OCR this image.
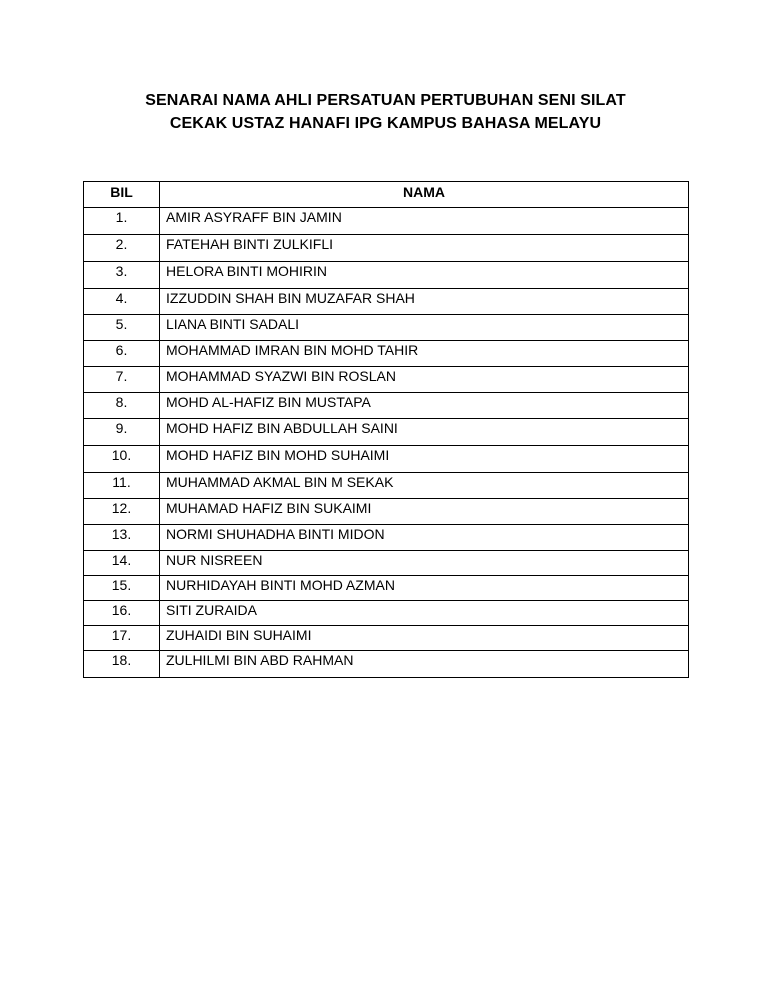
SENARAI NAMA AHLI PERSATUAN PERTUBUHAN SENI SILAT
CEKAK USTAZ HANAFI IPG KAMPUS BAHASA MELAYU
BIL	NAMA
1.	AMIR ASYRAFF BIN JAMIN
2.	FATEHAH BINTI ZULKIFLI
3.	HELORA BINTI MOHIRIN
4.	IZZUDDIN SHAH BIN MUZAFAR SHAH
5.	LIANA BINTI SADALI
6.	MOHAMMAD IMRAN BIN MOHD TAHIR
7.	MOHAMMAD SYAZWI BIN ROSLAN
8.	MOHD AL-HAFIZ BIN MUSTAPA
9.	MOHD HAFIZ BIN ABDULLAH SAINI
10.	MOHD HAFIZ BIN MOHD SUHAIMI
11.	MUHAMMAD AKMAL BIN M SEKAK
12.	MUHAMAD HAFIZ BIN SUKAIMI
13.	NORMI SHUHADHA BINTI MIDON
14.	NUR NISREEN
15.	NURHIDAYAH BINTI MOHD AZMAN
16.	SITI ZURAIDA
17.	ZUHAIDI BIN SUHAIMI
18.	ZULHILMI BIN ABD RAHMAN
